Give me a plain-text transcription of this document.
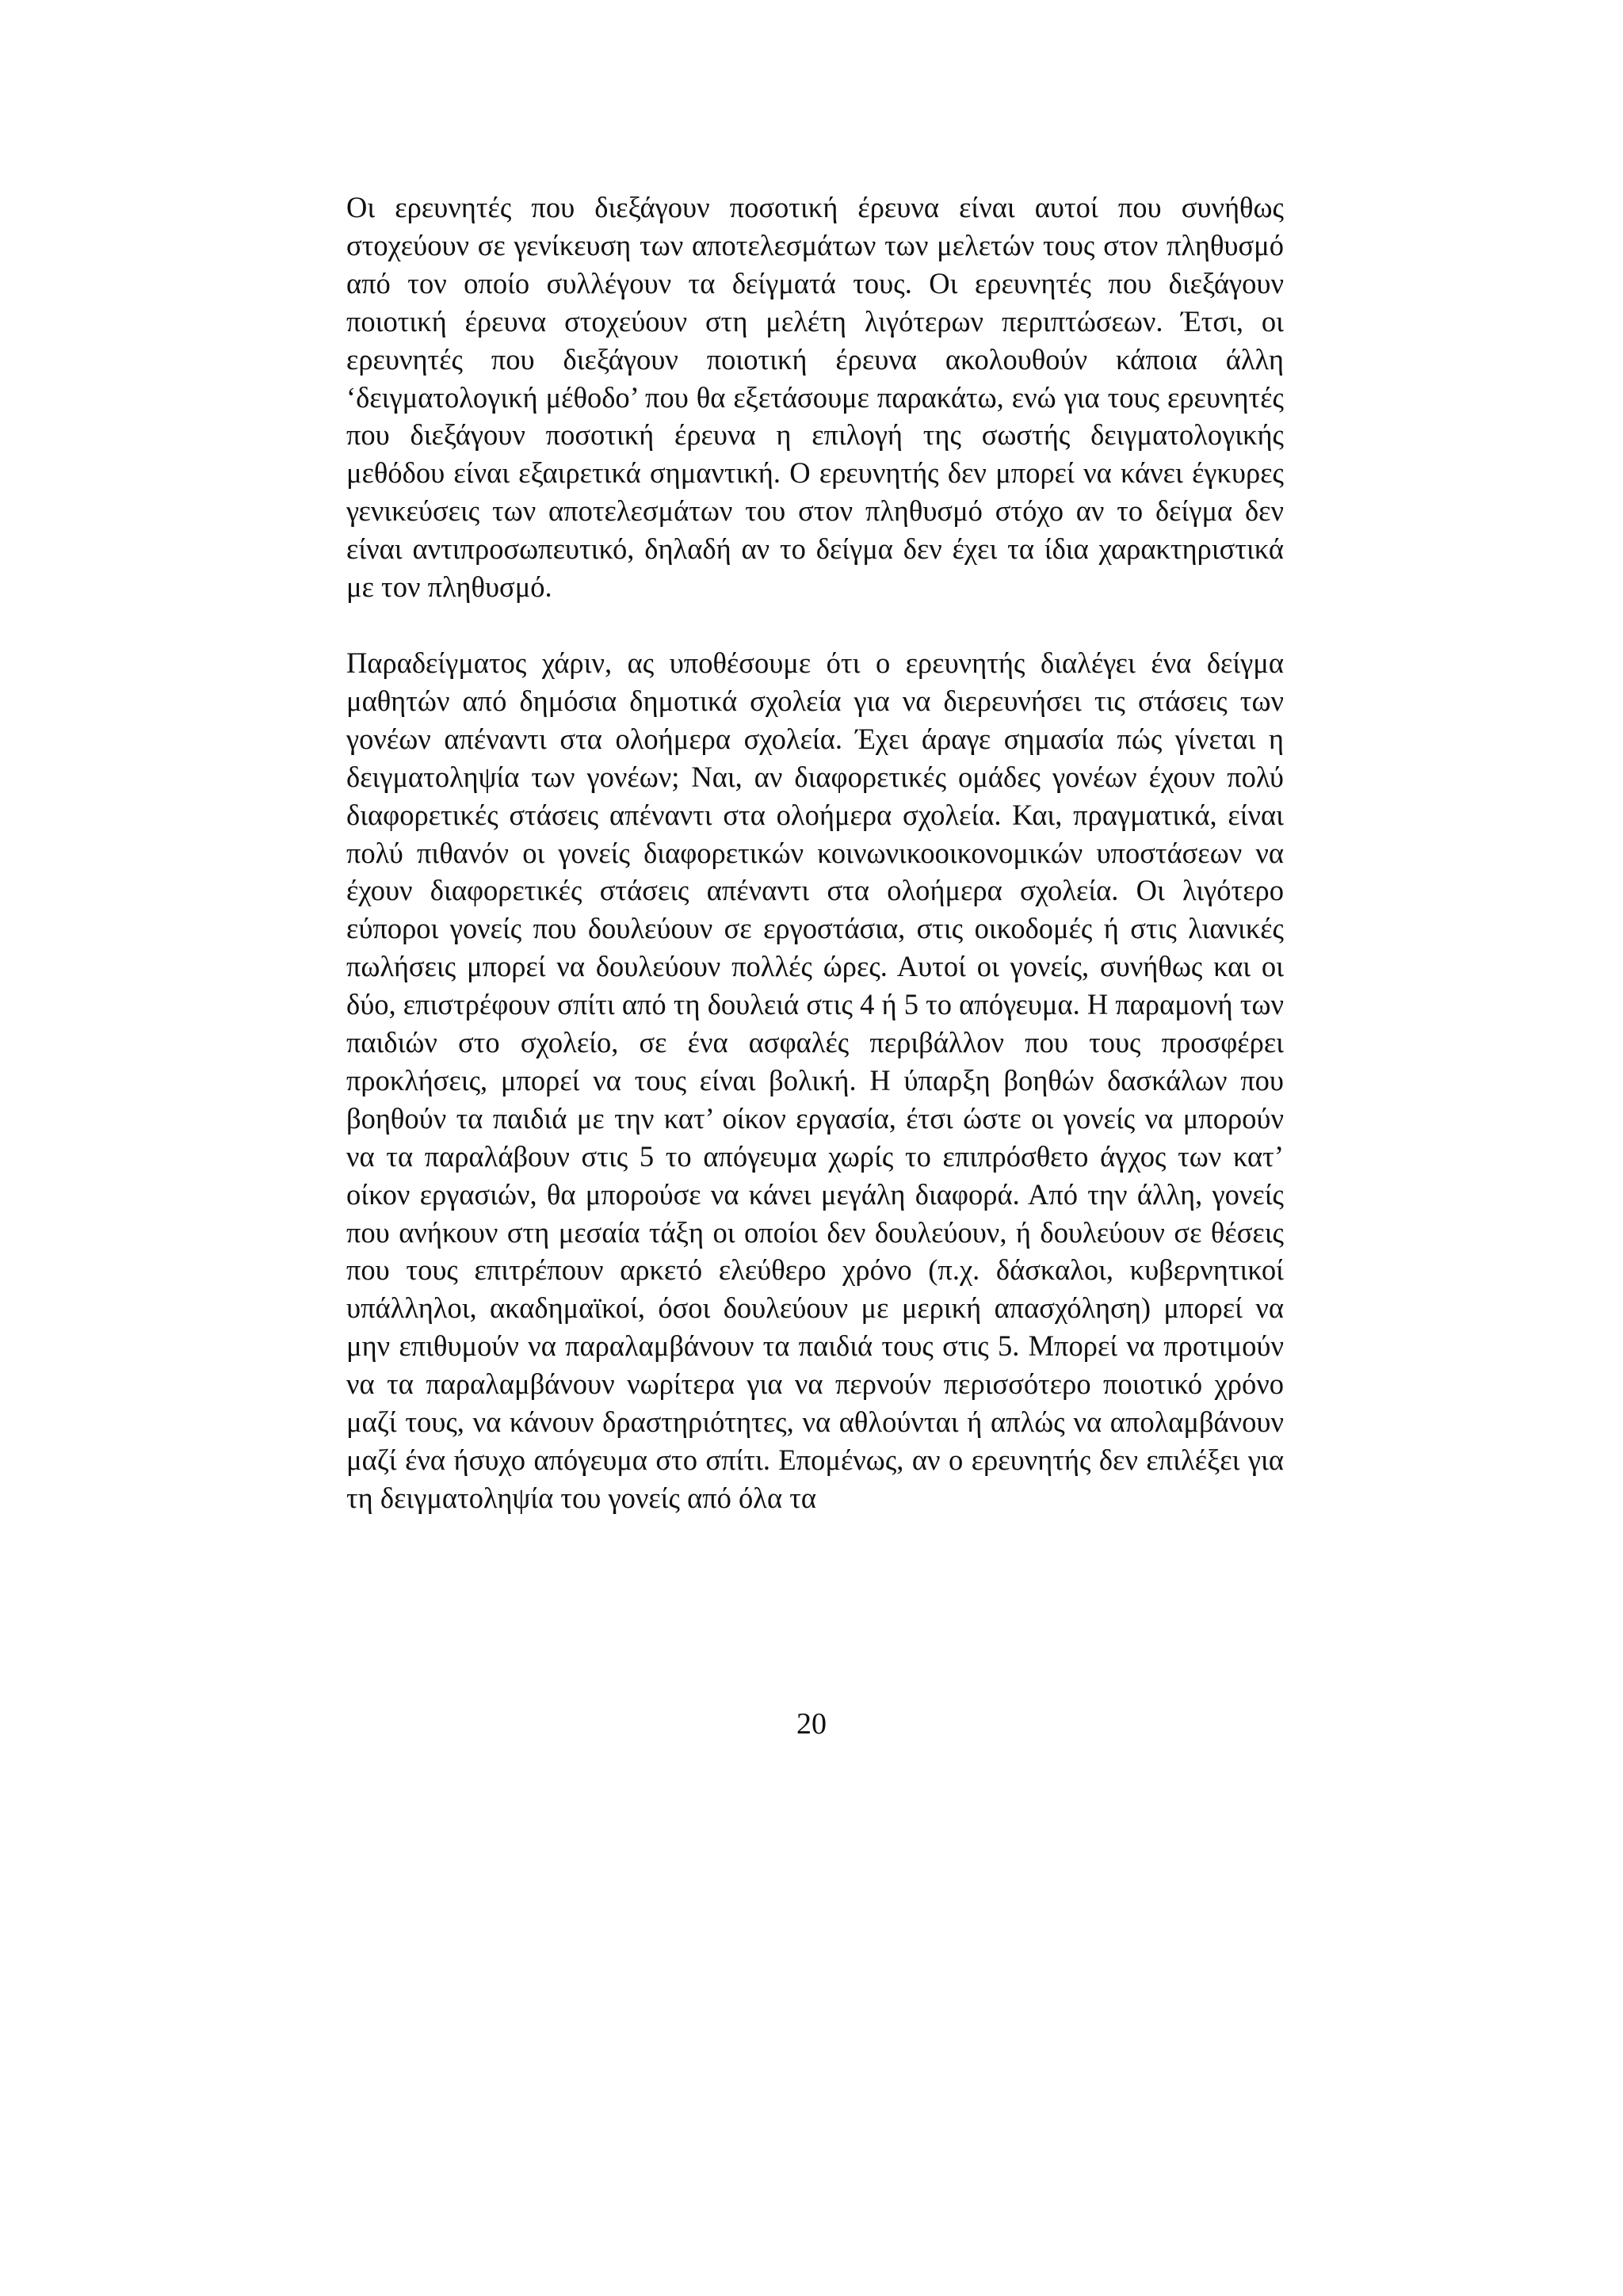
Οι ερευνητές που διεξάγουν ποσοτική έρευνα είναι αυτοί που συνήθως στοχεύουν σε γενίκευση των αποτελεσμάτων των μελετών τους στον πληθυσμό από τον οποίο συλλέγουν τα δείγματά τους. Οι ερευνητές που διεξάγουν ποιοτική έρευνα στοχεύουν στη μελέτη λιγότερων περιπτώσεων. Έτσι, οι ερευνητές που διεξάγουν ποιοτική έρευνα ακολουθούν κάποια άλλη ‘δειγματολογική μέθοδο’ που θα εξετάσουμε παρακάτω, ενώ για τους ερευνητές που διεξάγουν ποσοτική έρευνα η επιλογή της σωστής δειγματολογικής μεθόδου είναι εξαιρετικά σημαντική. Ο ερευνητής δεν μπορεί να κάνει έγκυρες γενικεύσεις των αποτελεσμάτων του στον πληθυσμό στόχο αν το δείγμα δεν είναι αντιπροσωπευτικό, δηλαδή αν το δείγμα δεν έχει τα ίδια χαρακτηριστικά με τον πληθυσμό.

Παραδείγματος χάριν, ας υποθέσουμε ότι ο ερευνητής διαλέγει ένα δείγμα μαθητών από δημόσια δημοτικά σχολεία για να διερευνήσει τις στάσεις των γονέων απέναντι στα ολοήμερα σχολεία. Έχει άραγε σημασία πώς γίνεται η δειγματοληψία των γονέων; Ναι, αν διαφορετικές ομάδες γονέων έχουν πολύ διαφορετικές στάσεις απέναντι στα ολοήμερα σχολεία. Και, πραγματικά, είναι πολύ πιθανόν οι γονείς διαφορετικών κοινωνικοοικονομικών υποστάσεων να έχουν διαφορετικές στάσεις απέναντι στα ολοήμερα σχολεία. Οι λιγότερο εύποροι γονείς που δουλεύουν σε εργοστάσια, στις οικοδομές ή στις λιανικές πωλήσεις μπορεί να δουλεύουν πολλές ώρες. Αυτοί οι γονείς, συνήθως και οι δύο, επιστρέφουν σπίτι από τη δουλειά στις 4 ή 5 το απόγευμα. Η παραμονή των παιδιών στο σχολείο, σε ένα ασφαλές περιβάλλον που τους προσφέρει προκλήσεις, μπορεί να τους είναι βολική. Η ύπαρξη βοηθών δασκάλων που βοηθούν τα παιδιά με την κατ’ οίκον εργασία, έτσι ώστε οι γονείς να μπορούν να τα παραλάβουν στις 5 το απόγευμα χωρίς το επιπρόσθετο άγχος των κατ’ οίκον εργασιών, θα μπορούσε να κάνει μεγάλη διαφορά. Από την άλλη, γονείς που ανήκουν στη μεσαία τάξη οι οποίοι δεν δουλεύουν, ή δουλεύουν σε θέσεις που τους επιτρέπουν αρκετό ελεύθερο χρόνο (π.χ. δάσκαλοι, κυβερνητικοί υπάλληλοι, ακαδημαϊκοί, όσοι δουλεύουν με μερική απασχόληση) μπορεί να μην επιθυμούν να παραλαμβάνουν τα παιδιά τους στις 5. Μπορεί να προτιμούν να τα παραλαμβάνουν νωρίτερα για να περνούν περισσότερο ποιοτικό χρόνο μαζί τους, να κάνουν δραστηριότητες, να αθλούνται ή απλώς να απολαμβάνουν μαζί ένα ήσυχο απόγευμα στο σπίτι. Επομένως, αν ο ερευνητής δεν επιλέξει για τη δειγματοληψία του γονείς από όλα τα

20
